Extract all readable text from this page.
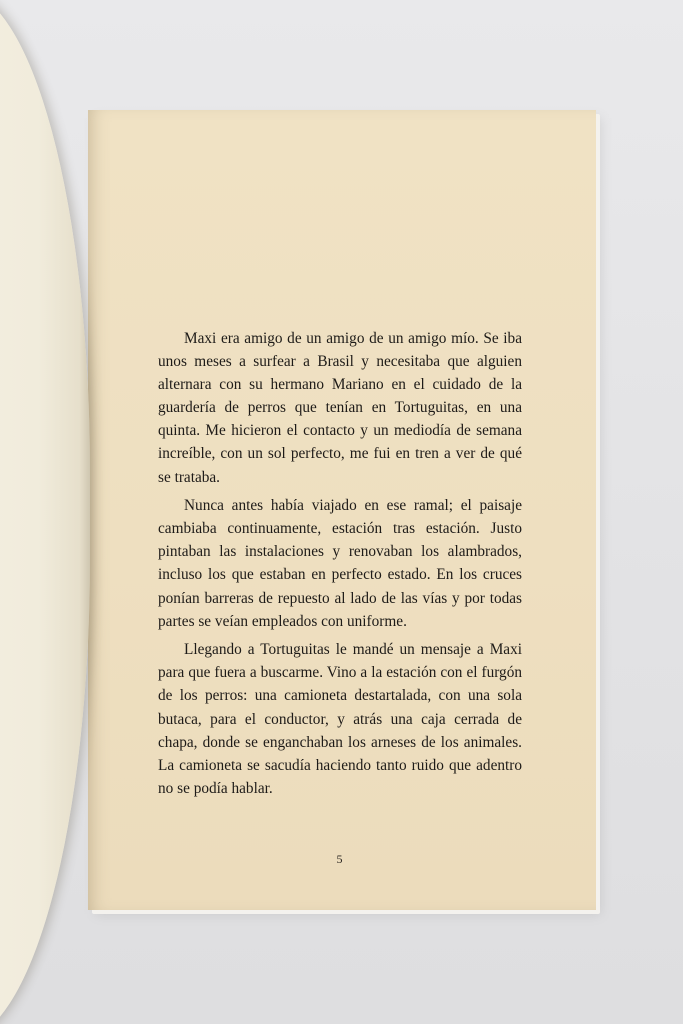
Maxi era amigo de un amigo de un amigo mío. Se iba unos meses a surfear a Brasil y necesitaba que alguien alternara con su hermano Mariano en el cuidado de la guardería de perros que tenían en Tortuguitas, en una quinta. Me hicieron el contacto y un mediodía de semana increíble, con un sol perfecto, me fui en tren a ver de qué se trataba.

Nunca antes había viajado en ese ramal; el paisaje cambiaba continuamente, estación tras estación. Justo pintaban las instalaciones y renovaban los alambrados, incluso los que estaban en perfecto estado. En los cruces ponían barreras de repuesto al lado de las vías y por todas partes se veían empleados con uniforme.

Llegando a Tortuguitas le mandé un mensaje a Maxi para que fuera a buscarme. Vino a la estación con el furgón de los perros: una camioneta destartalada, con una sola butaca, para el conductor, y atrás una caja cerrada de chapa, donde se enganchaban los arneses de los animales. La camioneta se sacudía haciendo tanto ruido que adentro no se podía hablar.

5
